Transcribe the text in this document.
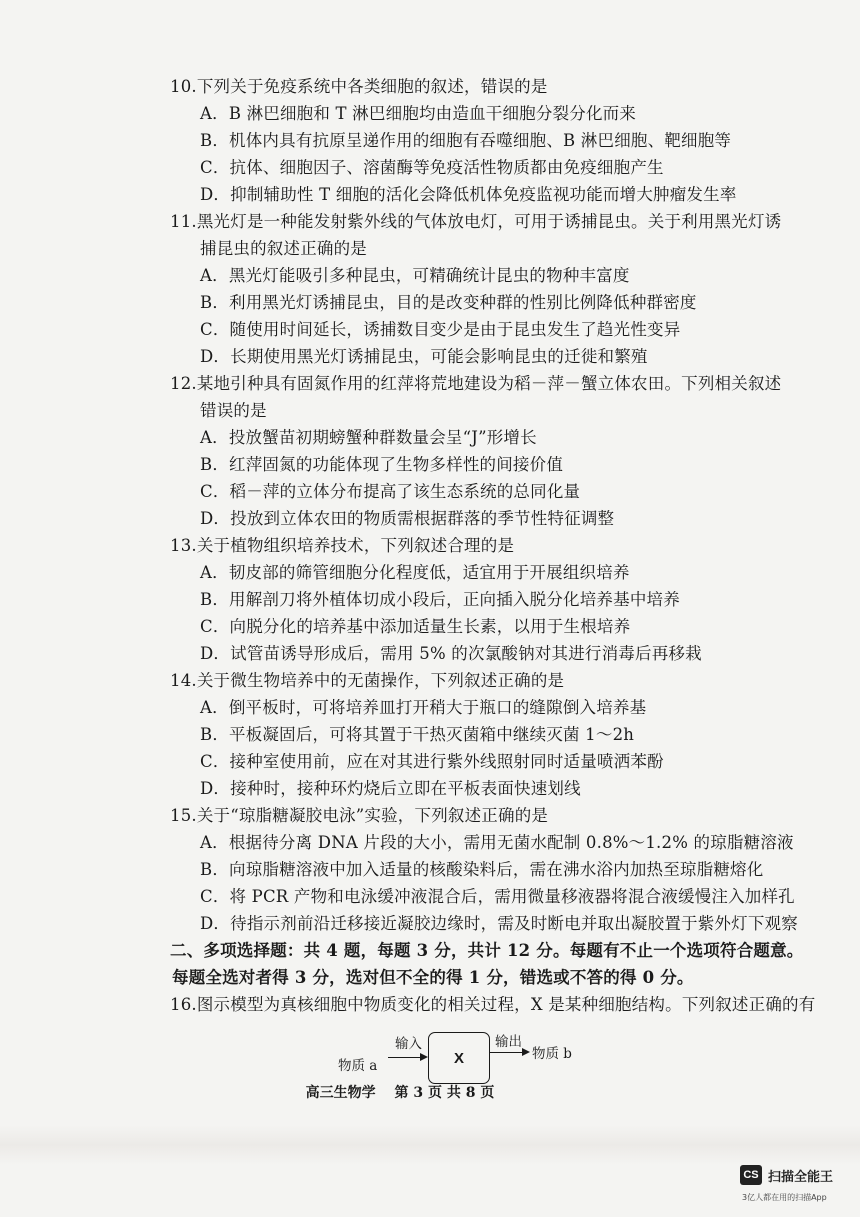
10.下列关于免疫系统中各类细胞的叙述，错误的是
A．B 淋巴细胞和 T 淋巴细胞均由造血干细胞分裂分化而来
B．机体内具有抗原呈递作用的细胞有吞噬细胞、B 淋巴细胞、靶细胞等
C．抗体、细胞因子、溶菌酶等免疫活性物质都由免疫细胞产生
D．抑制辅助性 T 细胞的活化会降低机体免疫监视功能而增大肿瘤发生率
11.黑光灯是一种能发射紫外线的气体放电灯，可用于诱捕昆虫。关于利用黑光灯诱
捕昆虫的叙述正确的是
A．黑光灯能吸引多种昆虫，可精确统计昆虫的物种丰富度
B．利用黑光灯诱捕昆虫，目的是改变种群的性别比例降低种群密度
C．随使用时间延长，诱捕数目变少是由于昆虫发生了趋光性变异
D．长期使用黑光灯诱捕昆虫，可能会影响昆虫的迁徙和繁殖
12.某地引种具有固氮作用的红萍将荒地建设为稻－萍－蟹立体农田。下列相关叙述
错误的是
A．投放蟹苗初期螃蟹种群数量会呈“J”形增长
B．红萍固氮的功能体现了生物多样性的间接价值
C．稻－萍的立体分布提高了该生态系统的总同化量
D．投放到立体农田的物质需根据群落的季节性特征调整
13.关于植物组织培养技术，下列叙述合理的是
A．韧皮部的筛管细胞分化程度低，适宜用于开展组织培养
B．用解剖刀将外植体切成小段后，正向插入脱分化培养基中培养
C．向脱分化的培养基中添加适量生长素，以用于生根培养
D．试管苗诱导形成后，需用 5% 的次氯酸钠对其进行消毒后再移栽
14.关于微生物培养中的无菌操作，下列叙述正确的是
A．倒平板时，可将培养皿打开稍大于瓶口的缝隙倒入培养基
B．平板凝固后，可将其置于干热灭菌箱中继续灭菌 1～2h
C．接种室使用前，应在对其进行紫外线照射同时适量喷洒苯酚
D．接种时，接种环灼烧后立即在平板表面快速划线
15.关于“琼脂糖凝胶电泳”实验，下列叙述正确的是
A．根据待分离 DNA 片段的大小，需用无菌水配制 0.8%～1.2% 的琼脂糖溶液
B．向琼脂糖溶液中加入适量的核酸染料后，需在沸水浴内加热至琼脂糖熔化
C．将 PCR 产物和电泳缓冲液混合后，需用微量移液器将混合液缓慢注入加样孔
D．待指示剂前沿迁移接近凝胶边缘时，需及时断电并取出凝胶置于紫外灯下观察
二、多项选择题：共 4 题，每题 3 分，共计 12 分。每题有不止一个选项符合题意。
每题全选对者得 3 分，选对但不全的得 1 分，错选或不答的得 0 分。
16.图示模型为真核细胞中物质变化的相关过程，X 是某种细胞结构。下列叙述正确的有
物质 a
输入
X
输出
物质 b
高三生物学　 第 3 页 共 8 页
CS 扫描全能王
3亿人都在用的扫描App
